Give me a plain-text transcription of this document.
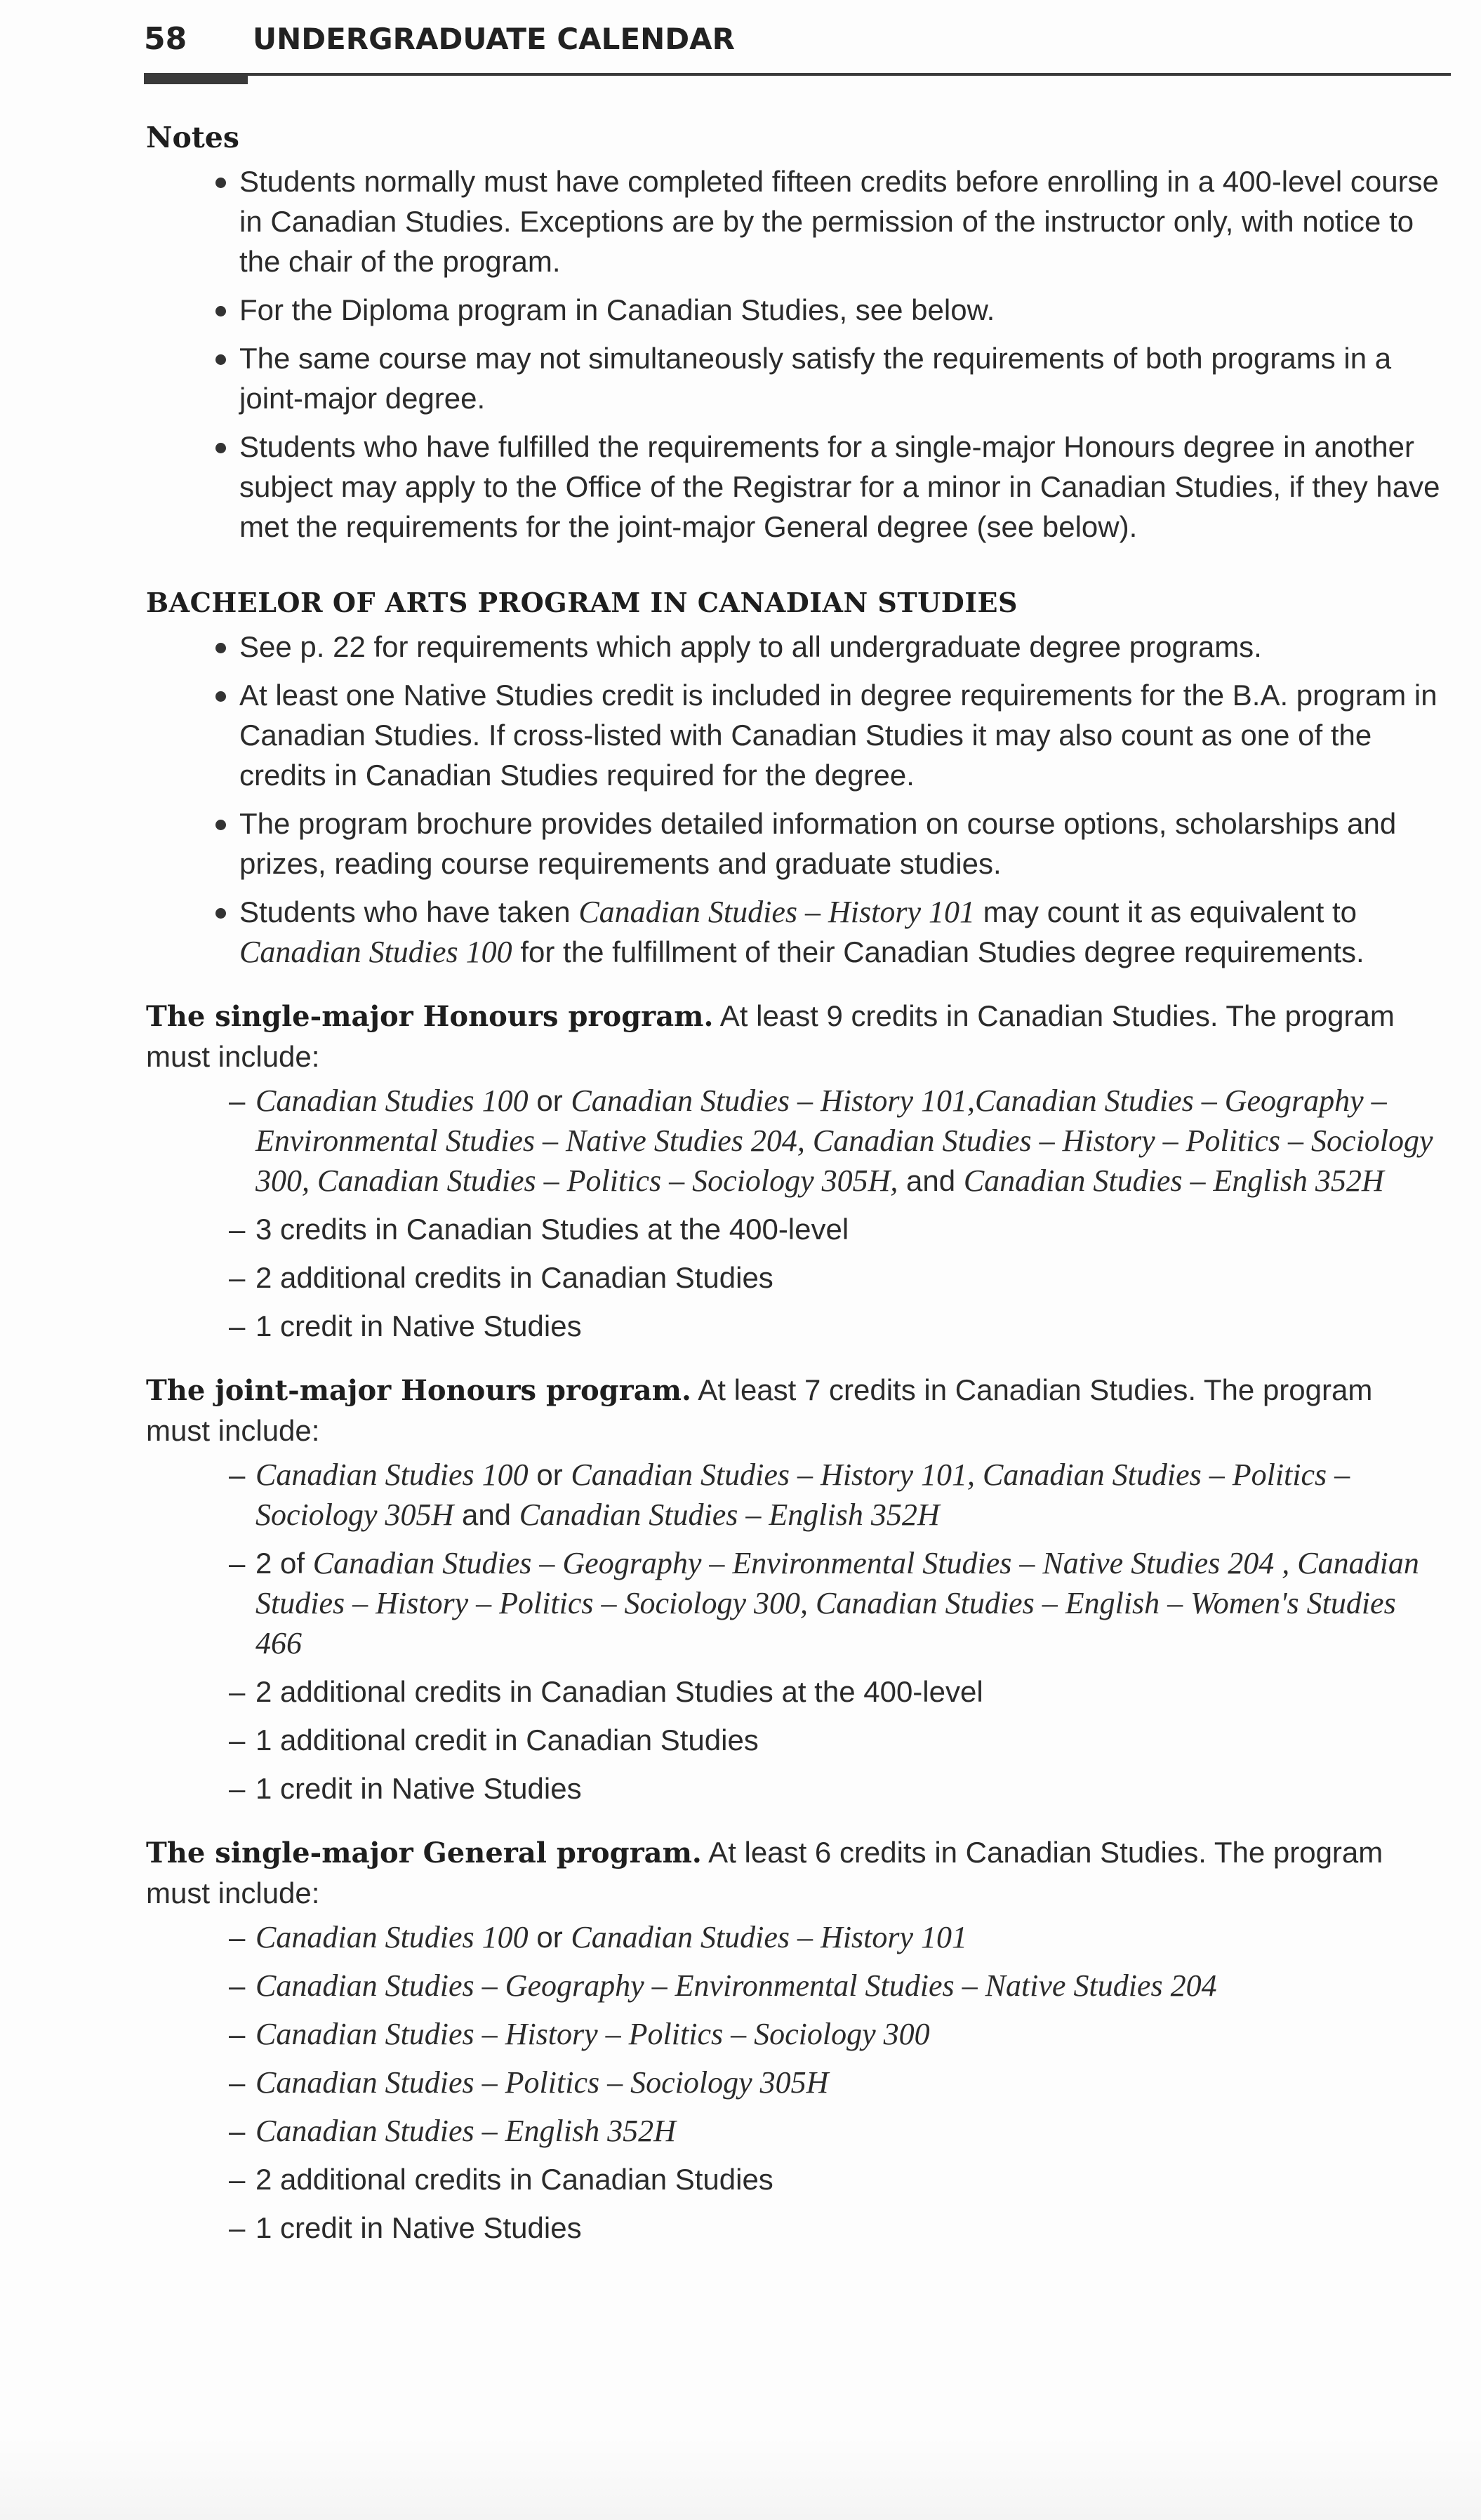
58	UNDERGRADUATE CALENDAR
Notes
Students normally must have completed fifteen credits before enrolling in a 400-level course in Canadian Studies. Exceptions are by the permission of the instructor only, with notice to the chair of the program.
For the Diploma program in Canadian Studies, see below.
The same course may not simultaneously satisfy the requirements of both programs in a joint-major degree.
Students who have fulfilled the requirements for a single-major Honours degree in another subject may apply to the Office of the Registrar for a minor in Canadian Studies, if they have met the requirements for the joint-major General degree (see below).
BACHELOR OF ARTS PROGRAM IN CANADIAN STUDIES
See p. 22 for requirements which apply to all undergraduate degree programs.
At least one Native Studies credit is included in degree requirements for the B.A. program in Canadian Studies. If cross-listed with Canadian Studies it may also count as one of the credits in Canadian Studies required for the degree.
The program brochure provides detailed information on course options, scholarships and prizes, reading course requirements and graduate studies.
Students who have taken Canadian Studies – History 101 may count it as equivalent to Canadian Studies 100 for the fulfillment of their Canadian Studies degree requirements.

The single-major Honours program. At least 9 credits in Canadian Studies. The program must include:

– Canadian Studies 100 or Canadian Studies – History 101,Canadian Studies – Geography – Environmental Studies – Native Studies 204, Canadian Studies – History – Politics – Sociology 300, Canadian Studies – Politics – Sociology 305H, and Canadian Studies – English 352H
– 3 credits in Canadian Studies at the 400-level
– 2 additional credits in Canadian Studies
– 1 credit in Native Studies

The joint-major Honours program. At least 7 credits in Canadian Studies. The program must include:

– Canadian Studies 100 or Canadian Studies – History 101, Canadian Studies – Politics – Sociology 305H and Canadian Studies – English 352H
– 2 of Canadian Studies – Geography – Environmental Studies – Native Studies 204 , Canadian Studies – History – Politics – Sociology 300, Canadian Studies – English – Women's Studies 466
– 2 additional credits in Canadian Studies at the 400-level
– 1 additional credit in Canadian Studies
– 1 credit in Native Studies

The single-major General program. At least 6 credits in Canadian Studies. The program must include:

– Canadian Studies 100 or Canadian Studies – History 101
– Canadian Studies – Geography – Environmental Studies – Native Studies 204
– Canadian Studies – History – Politics – Sociology 300
– Canadian Studies – Politics – Sociology 305H
– Canadian Studies – English 352H
– 2 additional credits in Canadian Studies
– 1 credit in Native Studies
